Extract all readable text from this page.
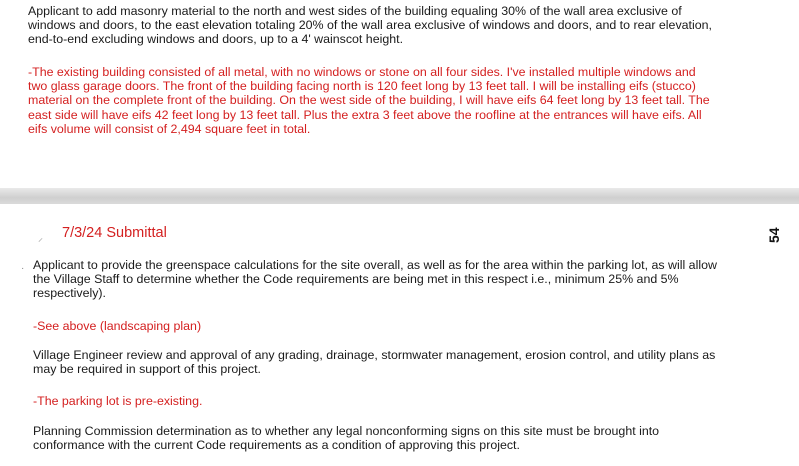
Applicant to add masonry material to the north and west sides of the building equaling 30% of the wall area exclusive of
windows and doors, to the east elevation totaling 20% of the wall area exclusive of windows and doors, and to rear elevation,
end-to-end excluding windows and doors, up to a 4' wainscot height.
-The existing building consisted of all metal, with no windows or stone on all four sides. I've installed multiple windows and
two glass garage doors. The front of the building facing north is 120 feet long by 13 feet tall. I will be installing eifs (stucco)
material on the complete front of the building. On the west side of the building, I will have eifs 64 feet long by 13 feet tall. The
east side will have eifs 42 feet long by 13 feet tall. Plus the extra 3 feet above the roofline at the entrances will have eifs. All
eifs volume will consist of 2,494 square feet in total.
⸝ 7/3/24 Submittal	54
· Applicant to provide the greenspace calculations for the site overall, as well as for the area within the parking lot, as will allow
the Village Staff to determine whether the Code requirements are being met in this respect i.e., minimum 25% and 5%
respectively).
-See above (landscaping plan)
Village Engineer review and approval of any grading, drainage, stormwater management, erosion control, and utility plans as
may be required in support of this project.
-The parking lot is pre-existing.
Planning Commission determination as to whether any legal nonconforming signs on this site must be brought into
conformance with the current Code requirements as a condition of approving this project.
